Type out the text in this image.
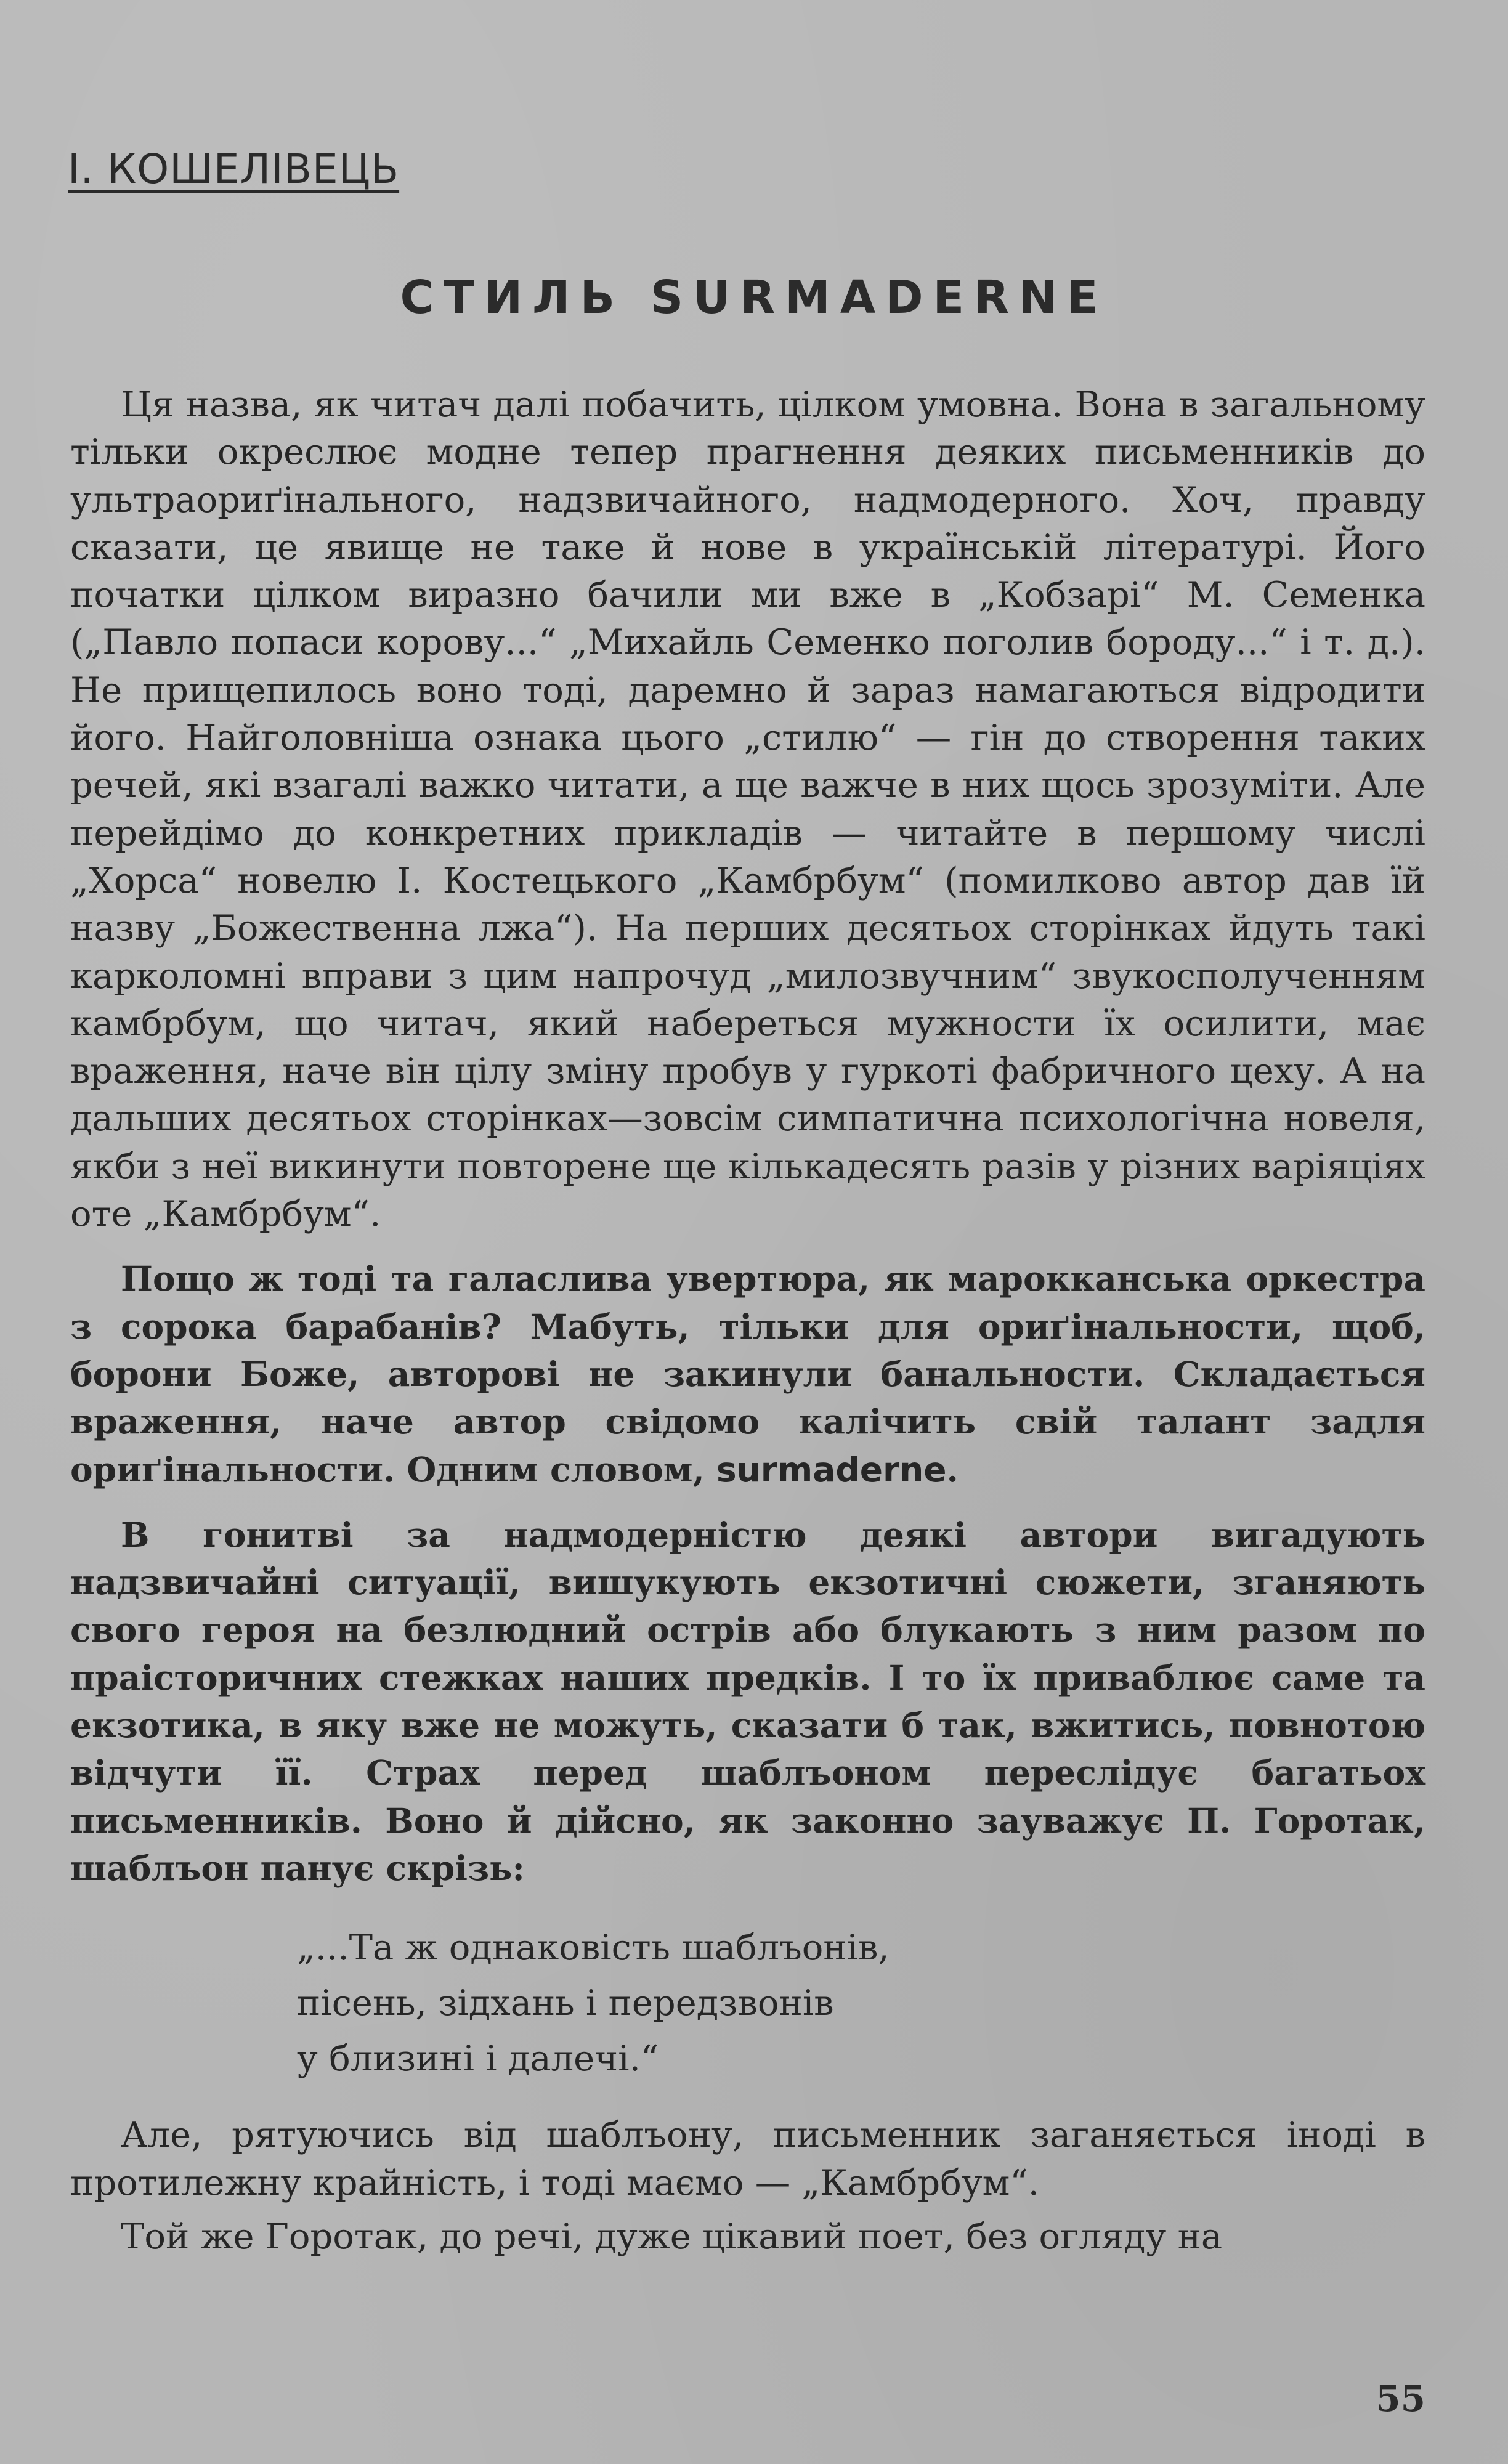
І. КОШЕЛІВЕЦЬ
СТИЛЬ SURMADERNE

Ця назва, як читач далі побачить, цілком умовна. Вона в загальному тільки окреслює модне тепер прагнення деяких письменників до ультраориґінального, надзвичайного, надмодерного. Хоч, правду сказати, це явище не таке й нове в українській літературі. Його початки цілком виразно бачили ми вже в „Кобзарі“ М. Семенка („Павло попаси корову...“ „Михайль Семенко поголив бороду...“ і т. д.). Не прищепилось воно тоді, даремно й зараз намагаються відродити його. Найголовніша ознака цього „стилю“ — гін до створення таких речей, які взагалі важко читати, а ще важче в них щось зрозуміти. Але перейдімо до конкретних прикладів — читайте в першому числі „Хорса“ новелю І. Костецького „Камбрбум“ (помилково автор дав їй назву „Божественна лжа“). На перших десятьох сторінках йдуть такі карколомні вправи з цим напрочуд „милозвучним“ звукосполученням камбрбум, що читач, який набереться мужности їх осилити, має враження, наче він цілу зміну пробув у гуркоті фабричного цеху. А на дальших десятьох сторінках—зовсім симпатична психологічна новеля, якби з неї викинути повторене ще кількадесять разів у різних варіяціях оте „Камбрбум“.

Пощо ж тоді та галаслива увертюра, як марокканська оркестра з сорока барабанів? Мабуть, тільки для ориґінальности, щоб, борони Боже, авторові не закинули банальности. Складається враження, наче автор свідомо калічить свій талант задля ориґінальности. Одним словом, surmaderne.

В гонитві за надмодерністю деякі автори вигадують надзвичайні ситуації, вишукують екзотичні сюжети, зганяють свого героя на безлюдний острів або блукають з ним разом по праісторичних стежках наших предків. І то їх приваблює саме та екзотика, в яку вже не можуть, сказати б так, вжитись, повнотою відчути її. Страх перед шаблъоном переслідує багатьох письменників. Воно й дійсно, як законно зауважує П. Горотак, шаблъон панує скрізь:

„...Та ж однаковість шаблъонів,
пісень, зідхань і передзвонів
у близині і далечі.“

Але, рятуючись від шаблъону, письменник заганяється іноді в протилежну крайність, і тоді маємо — „Камбрбум“.

Той же Горотак, до речі, дуже цікавий поет, без огляду на

55
